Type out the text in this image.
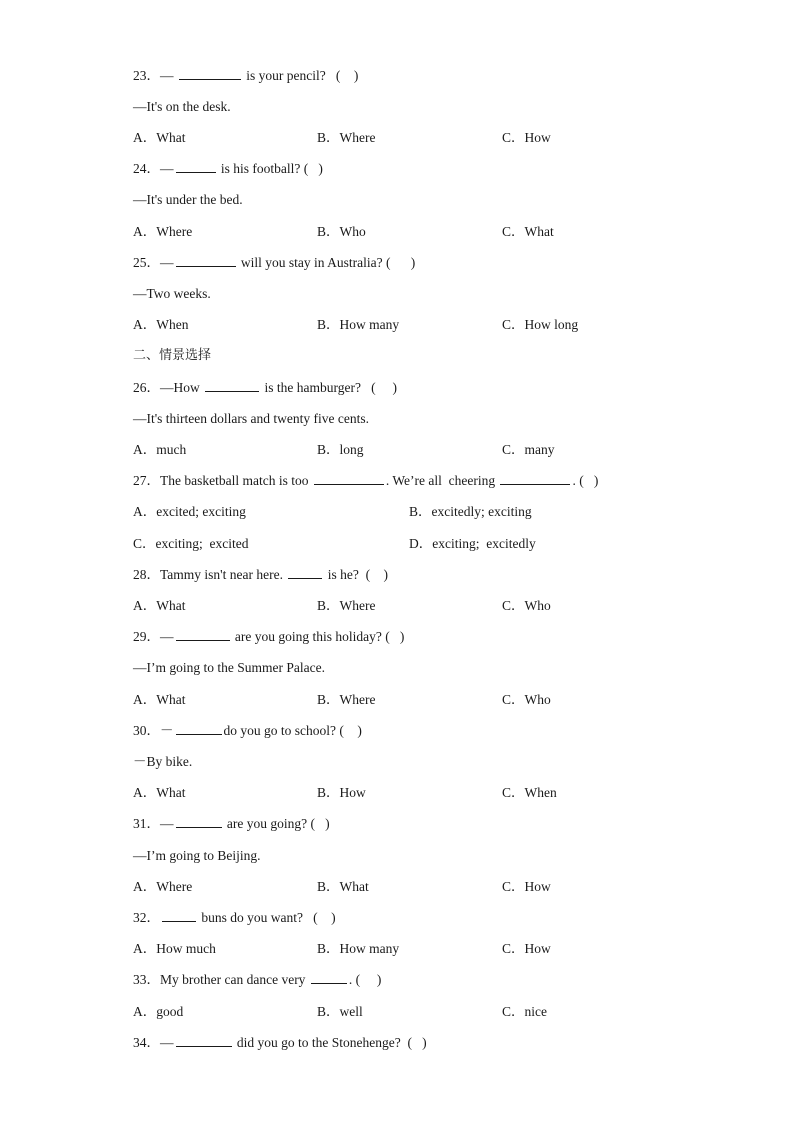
23．—	is your pencil?   (    )
—It's on the desk.
A．What	B．Where	C．How
24．—	is his football? (   )
—It's under the bed.
A．Where	B．Who	C．What
25．—	will you stay in Australia? (      )
—Two weeks.
A．When	B．How many	C．How long
二、情景选择
26．—How	is the hamburger?   (     )
—It's thirteen dollars and twenty five cents.
A．much	B．long	C．many
27．The basketball match is too	. We’re all  cheering	. (   )
A．excited; exciting	B．excitedly; exciting
C．exciting;  excited	D．exciting;  excitedly
28．Tammy isn't near here.	is he?  (    )
A．What	B．Where	C．Who
29．—	are you going this holiday? (   )
—I’m going to the Summer Palace.
A．What	B．Where	C．Who
30．－	do you go to school? (    )
－By bike.
A．What	B．How	C．When
31．—	are you going? (   )
—I’m going to Beijing.
A．Where	B．What	C．How
32．	buns do you want?   (    )
A．How much	B．How many	C．How
33．My brother can dance very	. (     )
A．good	B．well	C．nice
34．—	did you go to the Stonehenge?  (   )
